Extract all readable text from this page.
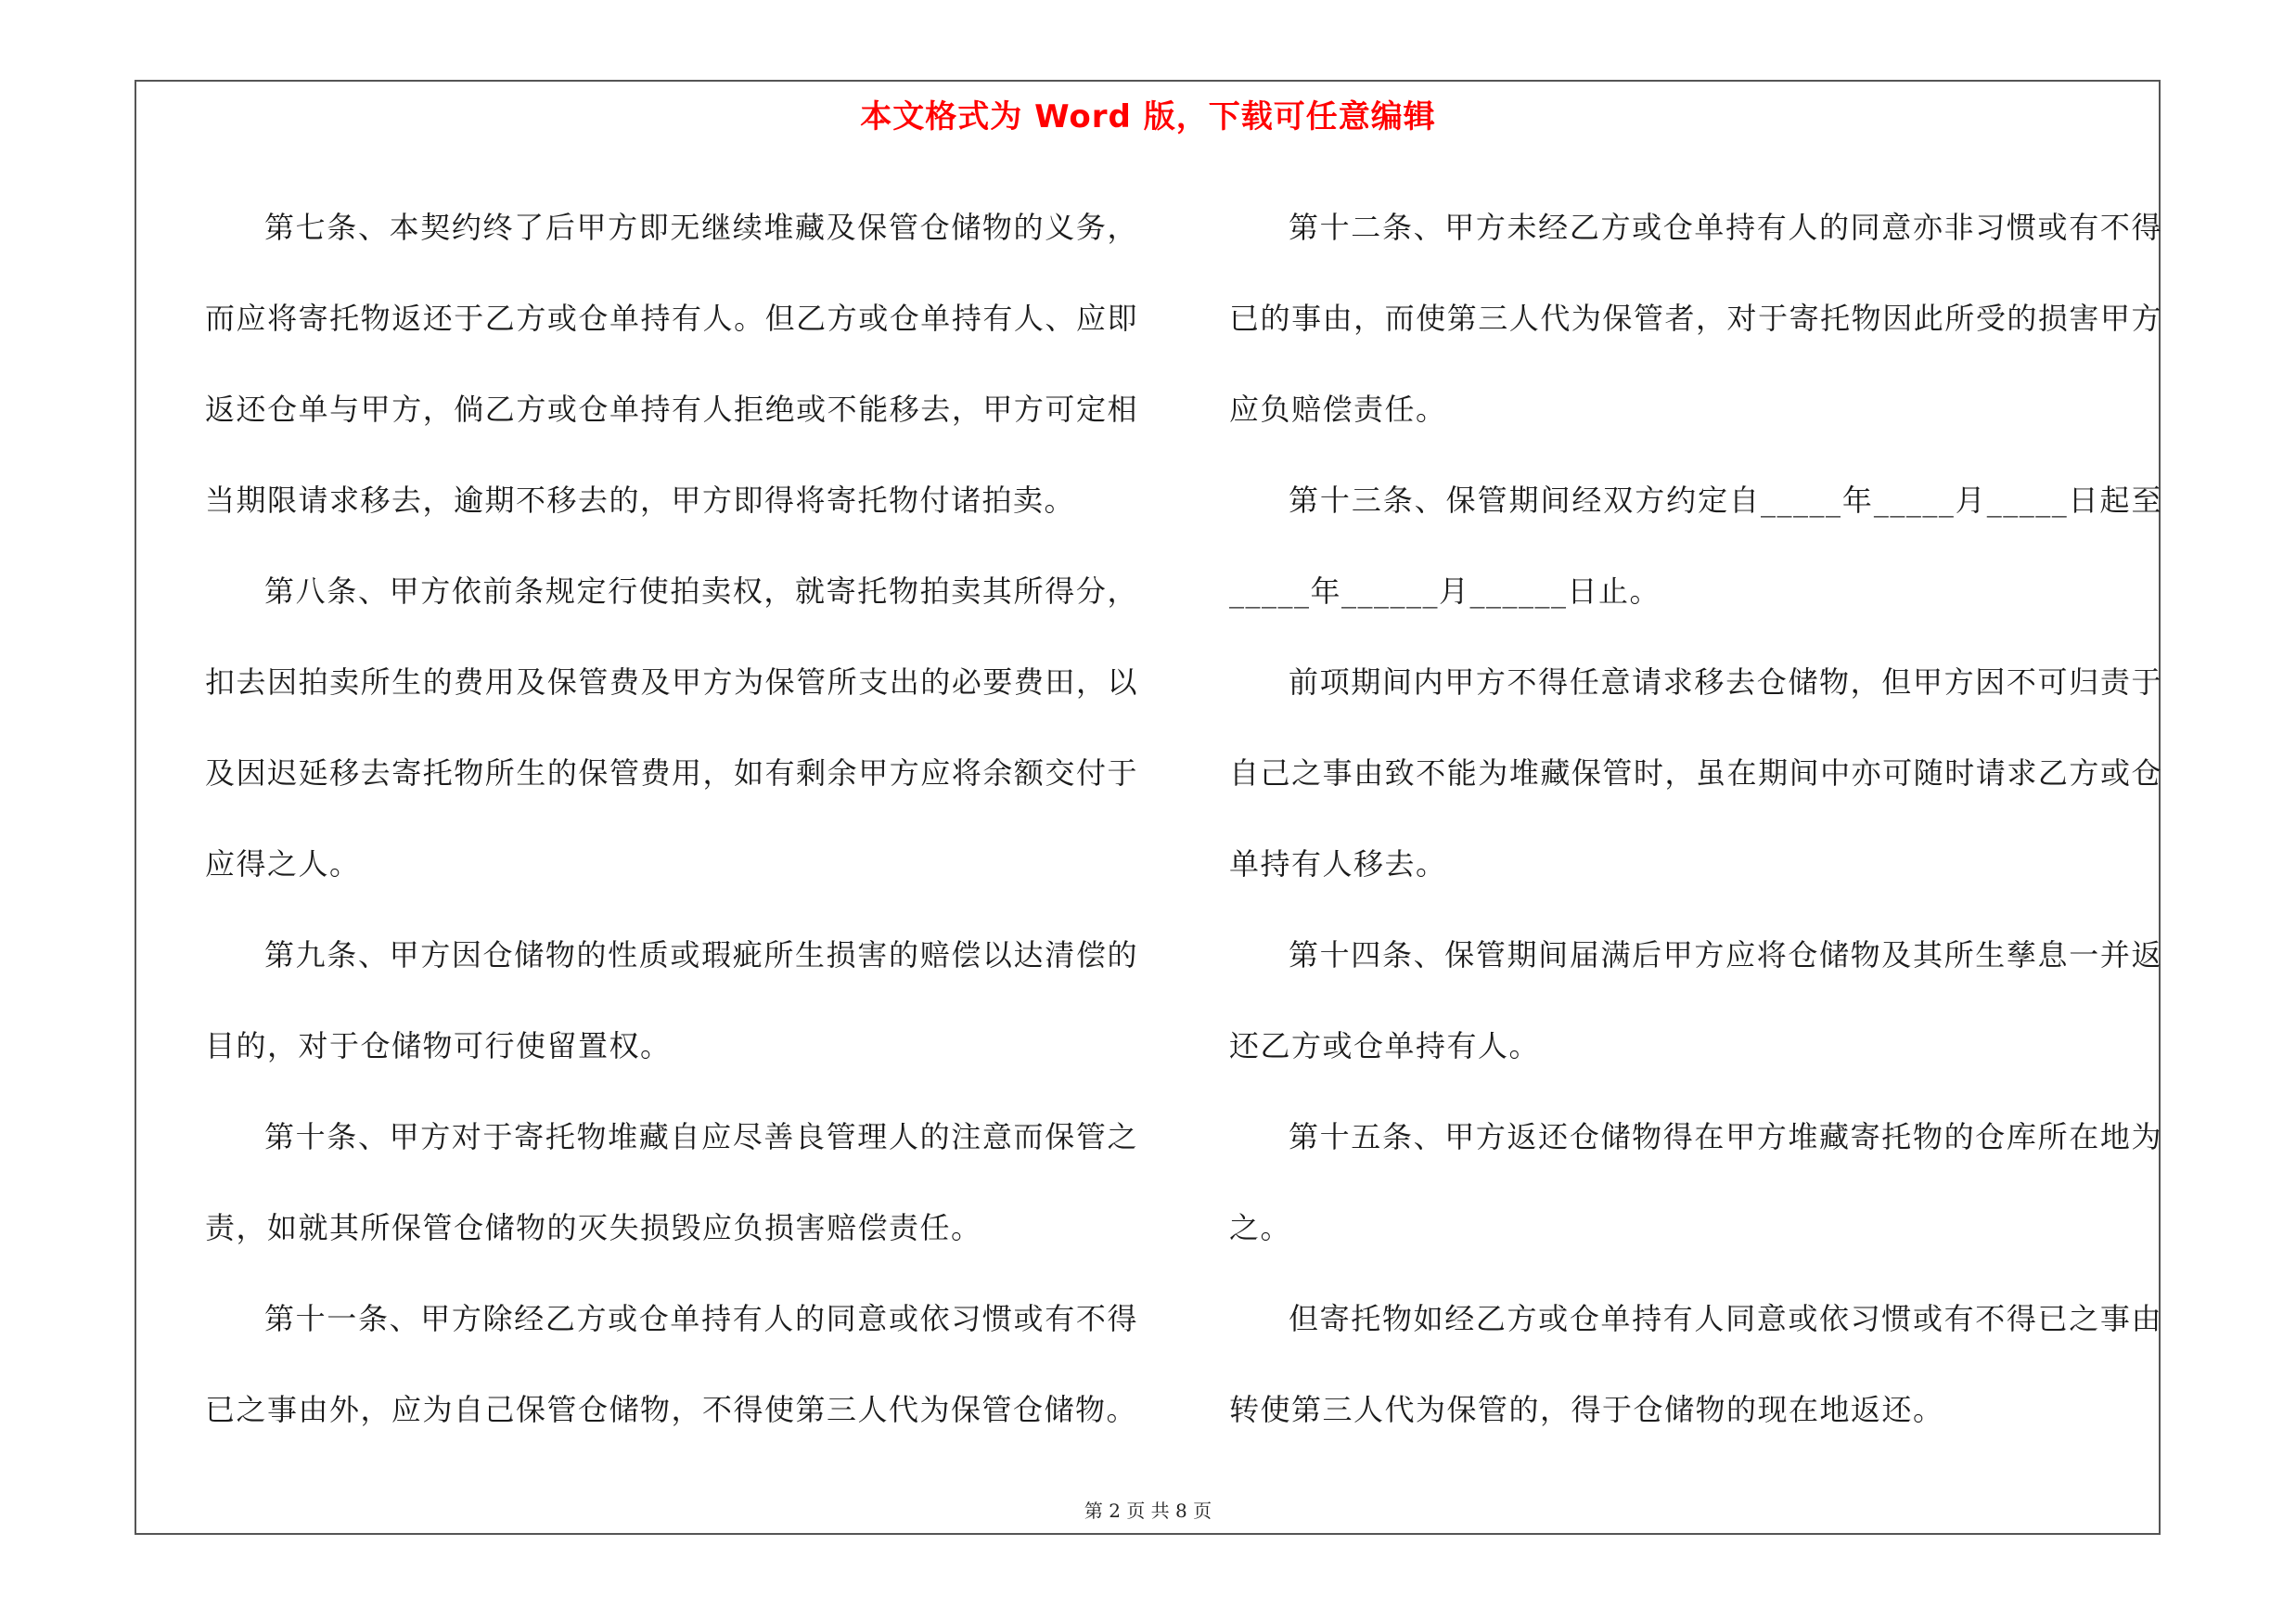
本文格式为 Word 版，下载可任意编辑

第七条、本契约终了后甲方即无继续堆藏及保管仓储物的义务，而应将寄托物返还于乙方或仓单持有人。但乙方或仓单持有人、应即返还仓单与甲方，倘乙方或仓单持有人拒绝或不能移去，甲方可定相当期限请求移去，逾期不移去的，甲方即得将寄托物付诸拍卖。

第八条、甲方依前条规定行使拍卖权，就寄托物拍卖其所得分，扣去因拍卖所生的费用及保管费及甲方为保管所支出的必要费田，以及因迟延移去寄托物所生的保管费用，如有剩余甲方应将余额交付于应得之人。

第九条、甲方因仓储物的性质或瑕疵所生损害的赔偿以达清偿的目的，对于仓储物可行使留置权。

第十条、甲方对于寄托物堆藏自应尽善良管理人的注意而保管之责，如就其所保管仓储物的灭失损毁应负损害赔偿责任。

第十一条、甲方除经乙方或仓单持有人的同意或依习惯或有不得已之事由外，应为自己保管仓储物，不得使第三人代为保管仓储物。

第十二条、甲方未经乙方或仓单持有人的同意亦非习惯或有不得已的事由，而使第三人代为保管者，对于寄托物因此所受的损害甲方应负赔偿责任。

第十三条、保管期间经双方约定自_____年_____月_____日起至_____年______月______日止。

前项期间内甲方不得任意请求移去仓储物，但甲方因不可归责于自己之事由致不能为堆藏保管时，虽在期间中亦可随时请求乙方或仓单持有人移去。

第十四条、保管期间届满后甲方应将仓储物及其所生孳息一并返还乙方或仓单持有人。

第十五条、甲方返还仓储物得在甲方堆藏寄托物的仓库所在地为之。

但寄托物如经乙方或仓单持有人同意或依习惯或有不得已之事由转使第三人代为保管的，得于仓储物的现在地返还。

第 2 页 共 8 页
